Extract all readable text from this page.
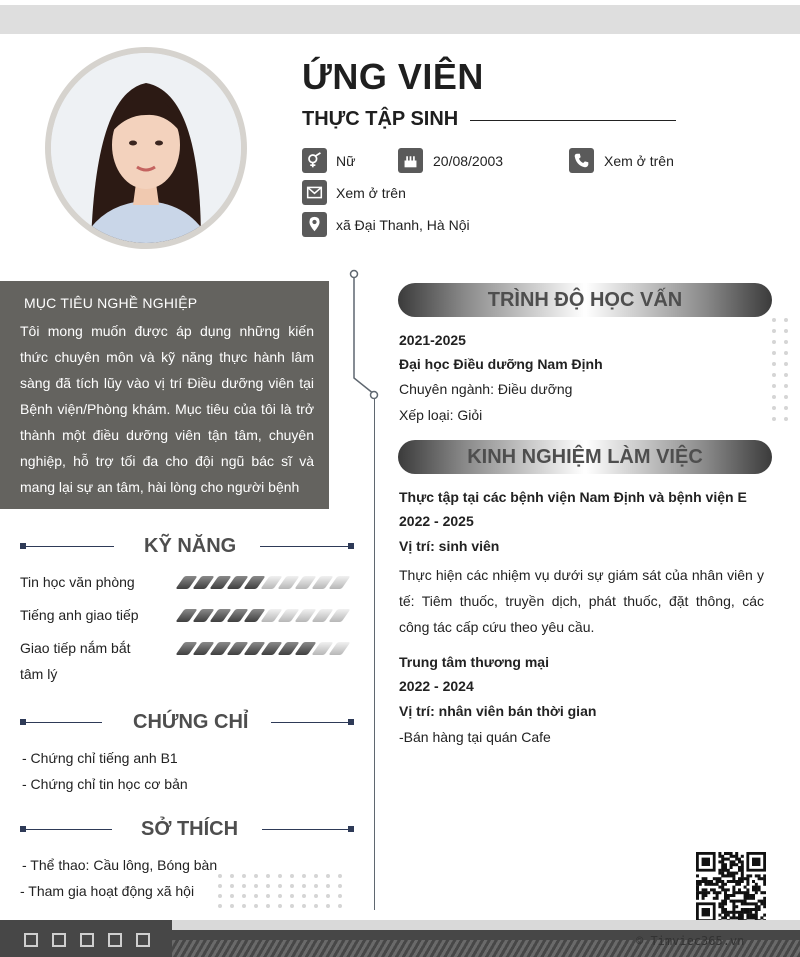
ỨNG VIÊN
THỰC TẬP SINH
Nữ	20/08/2003	Xem ở trên
Xem ở trên
xã Đại Thanh, Hà Nội
MỤC TIÊU NGHỀ NGHIỆP
Tôi mong muốn được áp dụng những kiến thức chuyên môn và kỹ năng thực hành lâm sàng đã tích lũy vào vị trí Điều dưỡng viên tại Bệnh viện/Phòng khám. Mục tiêu của tôi là trở thành một điều dưỡng viên tận tâm, chuyên nghiệp, hỗ trợ tối đa cho đội ngũ bác sĩ và mang lại sự an tâm, hài lòng cho người bệnh
KỸ NĂNG
Tin học văn phòng
Tiếng anh giao tiếp
Giao tiếp nắm bắt tâm lý
CHỨNG CHỈ
- Chứng chỉ tiếng anh B1
- Chứng chỉ tin học cơ bản
SỞ THÍCH
- Thể thao: Cầu lông, Bóng bàn
- Tham gia hoạt động xã hội
TRÌNH ĐỘ HỌC VẤN
2021-2025
Đại học Điều dưỡng Nam Định
Chuyên ngành: Điều dưỡng
Xếp loại: Giỏi
KINH NGHIỆM LÀM VIỆC
Thực tập tại các bệnh viện Nam Định và bệnh viện E
2022 - 2025
Vị trí: sinh viên
Thực hiện các nhiệm vụ dưới sự giám sát của nhân viên y tế: Tiêm thuốc, truyền dịch, phát thuốc, đặt thông, các công tác cấp cứu theo yêu cầu.
Trung tâm thương mại
2022 - 2024
Vị trí: nhân viên bán thời gian
-Bán hàng tại quán Cafe
© Timviec365.vn
